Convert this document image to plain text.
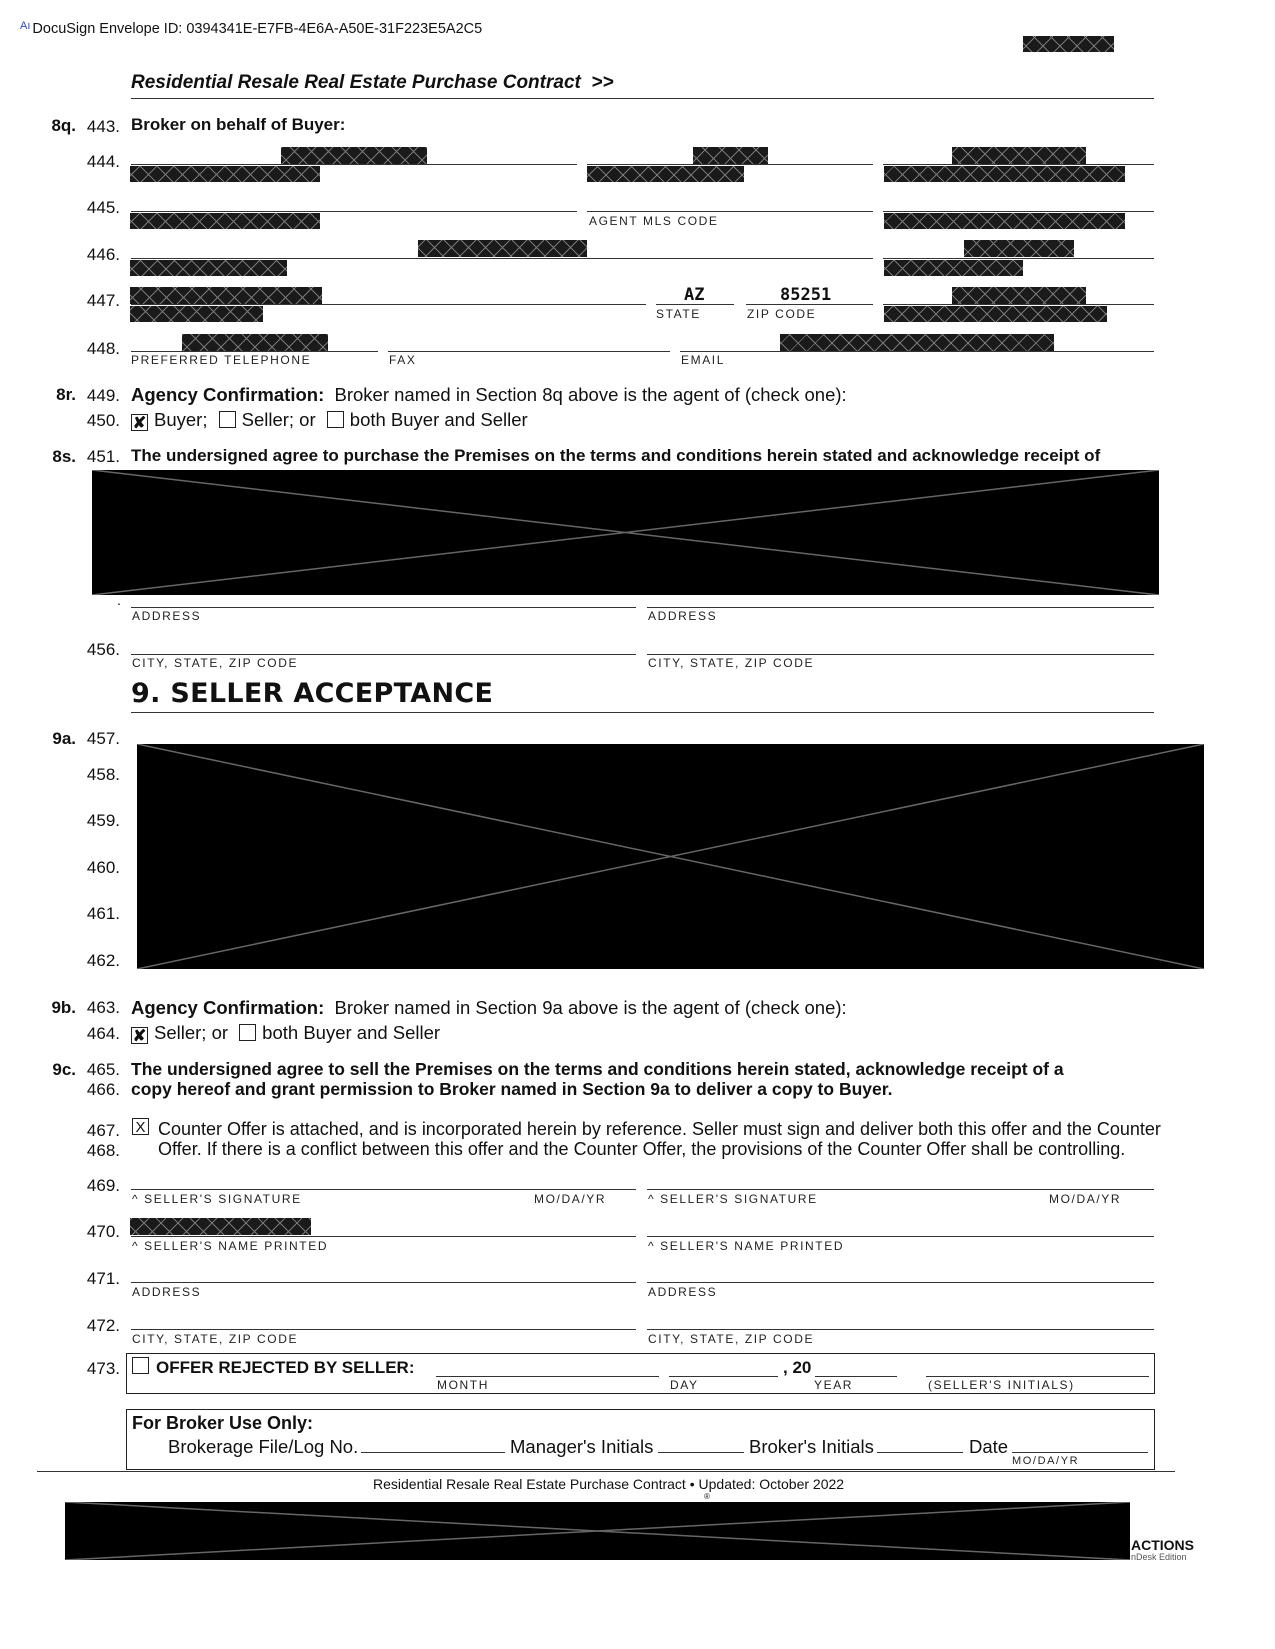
$^{Aı}$ DocuSign Envelope ID: 0394341E-E7FB-4E6A-A50E-31F223E5A2C5
Residential Resale Real Estate Purchase Contract  >>
8q. 443. Broker on behalf of Buyer:
444.
445.
AGENT MLS CODE
446.
447.	AZ	85251
STATE	ZIP CODE
448.
PREFERRED TELEPHONE	FAX	EMAIL
8r. 449. Agency Confirmation: Broker named in Section 8q above is the agent of (check one):
450. ✘ Buyer; Seller; or both Buyer and Seller
8s. 451. The undersigned agree to purchase the Premises on the terms and conditions herein stated and acknowledge receipt of
.
ADDRESS	ADDRESS
456.
CITY, STATE, ZIP CODE	CITY, STATE, ZIP CODE
9. SELLER ACCEPTANCE
9a. 457.
458.
459.
460.
461.
462.
9b. 463. Agency Confirmation: Broker named in Section 9a above is the agent of (check one):
464. ✘ Seller; or both Buyer and Seller
9c. 465.
466.
The undersigned agree to sell the Premises on the terms and conditions herein stated, acknowledge receipt of a
copy hereof and grant permission to Broker named in Section 9a to deliver a copy to Buyer.
467.
468.
X Counter Offer is attached, and is incorporated herein by reference. Seller must sign and deliver both this offer and the Counter
Offer. If there is a conflict between this offer and the Counter Offer, the provisions of the Counter Offer shall be controlling.
469.
^ SELLER'S SIGNATURE	MO/DA/YR	^ SELLER'S SIGNATURE	MO/DA/YR
470.
^ SELLER'S NAME PRINTED	^ SELLER'S NAME PRINTED
471.
ADDRESS	ADDRESS
472.
CITY, STATE, ZIP CODE	CITY, STATE, ZIP CODE
473. OFFER REJECTED BY SELLER:	, 20
MONTH	DAY	YEAR	(SELLER'S INITIALS)
For Broker Use Only:
Brokerage File/Log No.	Manager's Initials	Broker's Initials	Date
MO/DA/YR
Residential Resale Real Estate Purchase Contract • Updated: October 2022
®
ACTIONS
nDesk Edition
